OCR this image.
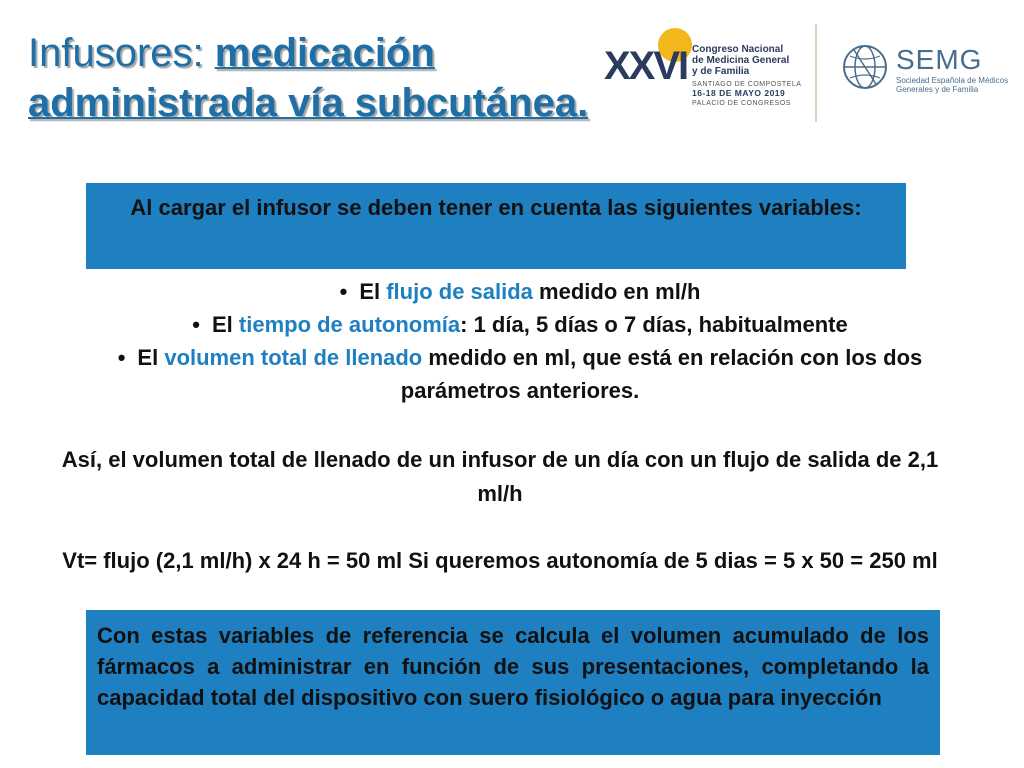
Infusores: medicación
administrada vía subcutánea.
XXVI Congreso Nacional
de Medicina General
y de Familia
SANTIAGO DE COMPOSTELA
16-18 DE MAYO 2019
PALACIO DE CONGRESOS
SEMG
Sociedad Española de Médicos Generales y de Familia
Al cargar el infusor se deben tener en cuenta las siguientes variables:
• El flujo de salida medido en ml/h
• El tiempo de autonomía: 1 día, 5 días o 7 días, habitualmente
• El volumen total de llenado medido en ml, que está en relación con los dos parámetros anteriores.
Así, el volumen total de llenado de un infusor de un día con un flujo de salida de 2,1 ml/h
Vt= flujo (2,1 ml/h) x 24 h = 50 ml Si queremos autonomía de 5 dias = 5 x 50 = 250 ml
Con estas variables de referencia se calcula el volumen acumulado de los fármacos a administrar en función de sus presentaciones, completando la capacidad total del dispositivo con suero fisiológico o agua para inyección
